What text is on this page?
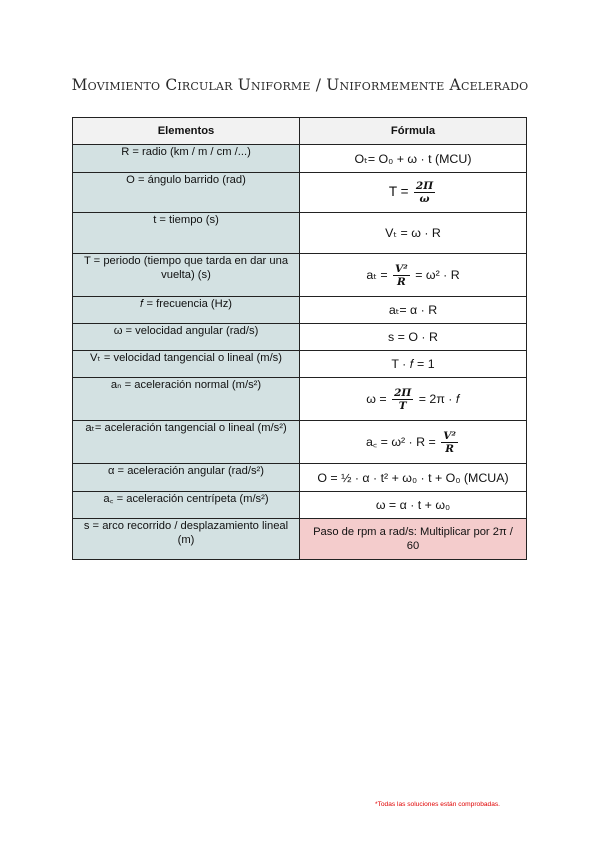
Movimiento Circular Uniforme / Uniformemente Acelerado
Elementos	Fórmula
R = radio (km / m / cm /...)	Oₜ= O₀ + ω · t (MCU)
O = ángulo barrido (rad)	$T = \frac{2\Pi}{\omega}$

t = tiempo (s)	Vₜ = ω · R
T = periodo (tiempo que tarda en dar una vuelta) (s)	$a_t = \frac{\text{V²}}{R} = \omega^2 \cdot R$
𝑓 = frecuencia (Hz)	aₜ= α · R
ω = velocidad angular (rad/s)	s = O · R
Vₜ = velocidad tangencial o lineal (m/s)	T · 𝑓 = 1
aₙ = aceleración normal (m/s²)	$\omega = \frac{2\Pi}{T} = 2\pi$ · 𝑓
aₜ= aceleración tangencial o lineal (m/s²)	a꜀ = $\omega^2 \cdot R = \frac{\text{V²}}{R}$

α = aceleración angular (rad/s²)	O = ½ · α · t² + ω₀ · t + O₀ (MCUA)
a꜀ = aceleración centrípeta (m/s²)	ω = α · t + ω₀
s = arco recorrido / desplazamiento lineal (m)	Paso de rpm a rad/s: Multiplicar por 2π / 60
*Todas las soluciones están comprobadas.
